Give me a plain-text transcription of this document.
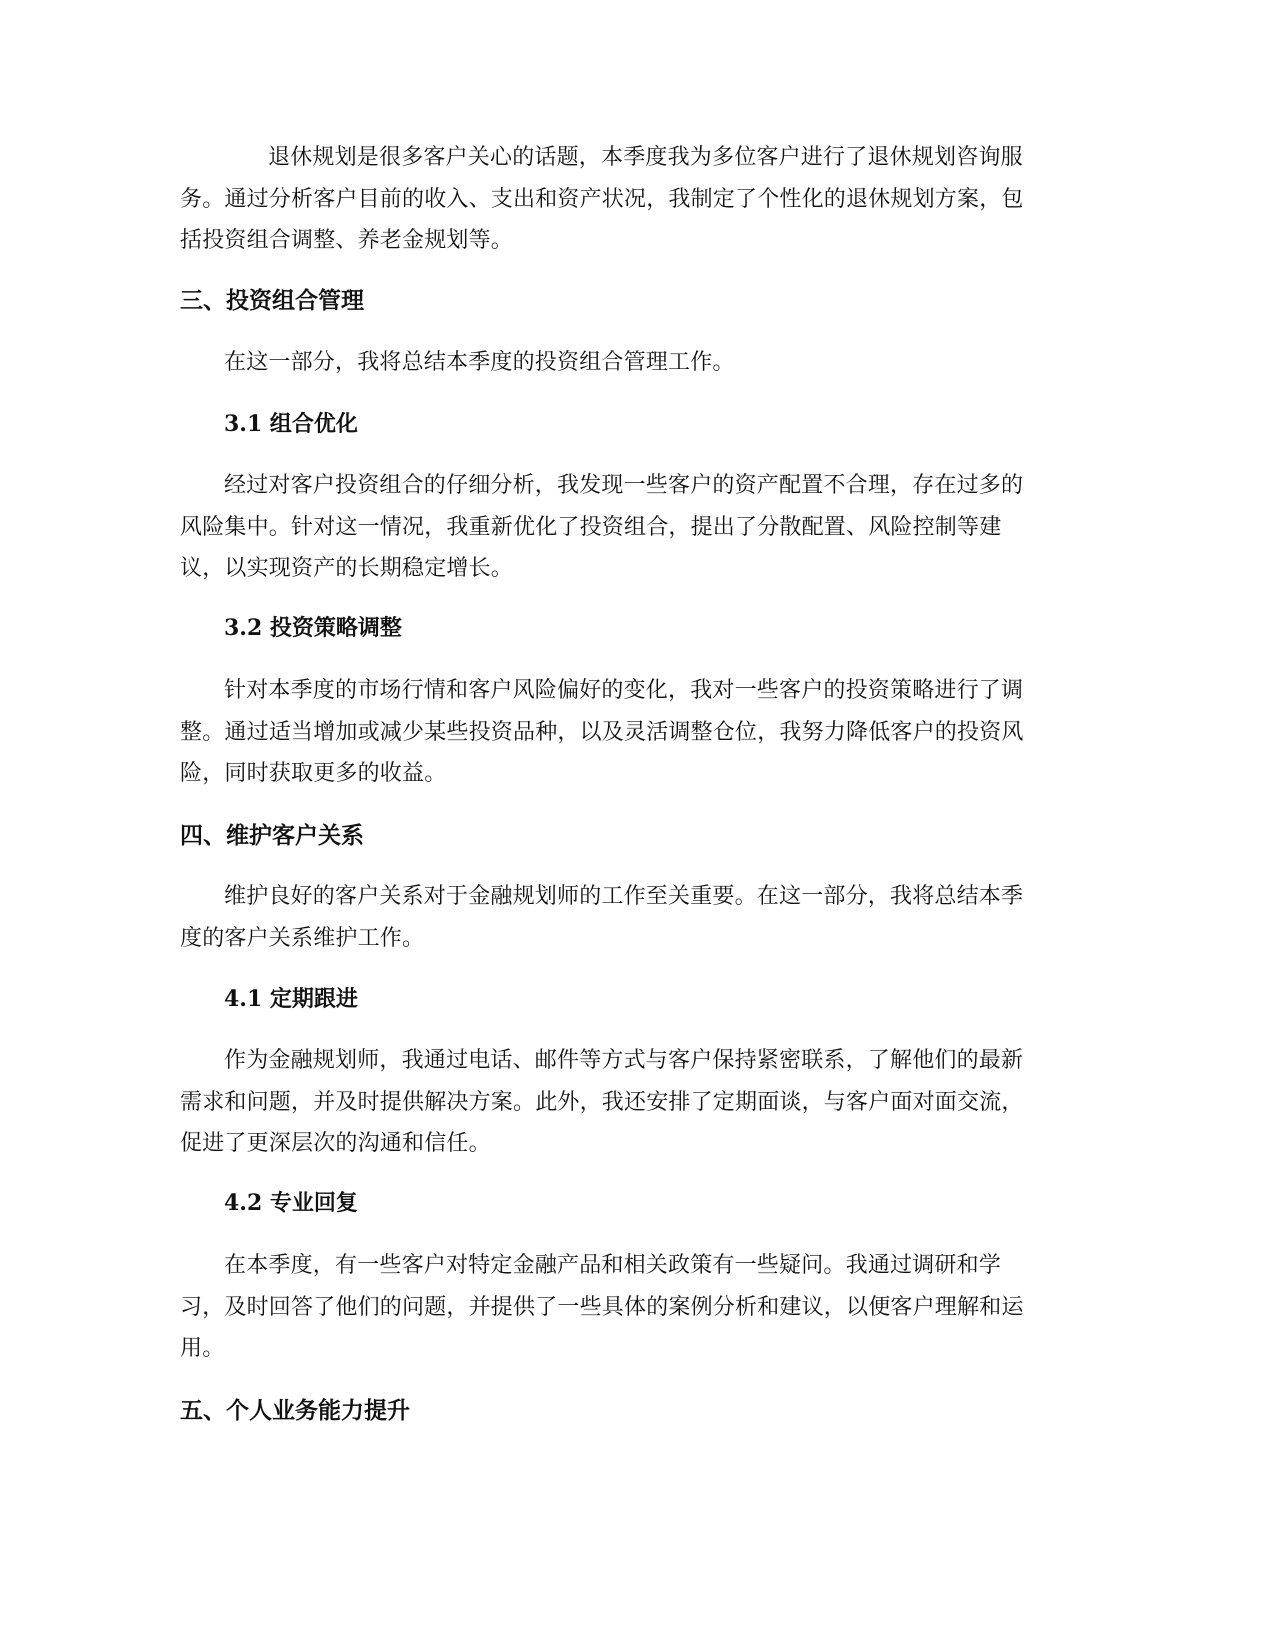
退休规划是很多客户关心的话题，本季度我为多位客户进行了退休规划咨询服务。通过分析客户目前的收入、支出和资产状况，我制定了个性化的退休规划方案，包括投资组合调整、养老金规划等。

三、投资组合管理

在这一部分，我将总结本季度的投资组合管理工作。

3.1 组合优化

经过对客户投资组合的仔细分析，我发现一些客户的资产配置不合理，存在过多的风险集中。针对这一情况，我重新优化了投资组合，提出了分散配置、风险控制等建议，以实现资产的长期稳定增长。

3.2 投资策略调整

针对本季度的市场行情和客户风险偏好的变化，我对一些客户的投资策略进行了调整。通过适当增加或减少某些投资品种，以及灵活调整仓位，我努力降低客户的投资风险，同时获取更多的收益。

四、维护客户关系

维护良好的客户关系对于金融规划师的工作至关重要。在这一部分，我将总结本季度的客户关系维护工作。

4.1 定期跟进

作为金融规划师，我通过电话、邮件等方式与客户保持紧密联系，了解他们的最新需求和问题，并及时提供解决方案。此外，我还安排了定期面谈，与客户面对面交流，促进了更深层次的沟通和信任。

4.2 专业回复

在本季度，有一些客户对特定金融产品和相关政策有一些疑问。我通过调研和学习，及时回答了他们的问题，并提供了一些具体的案例分析和建议，以便客户理解和运用。

五、个人业务能力提升
